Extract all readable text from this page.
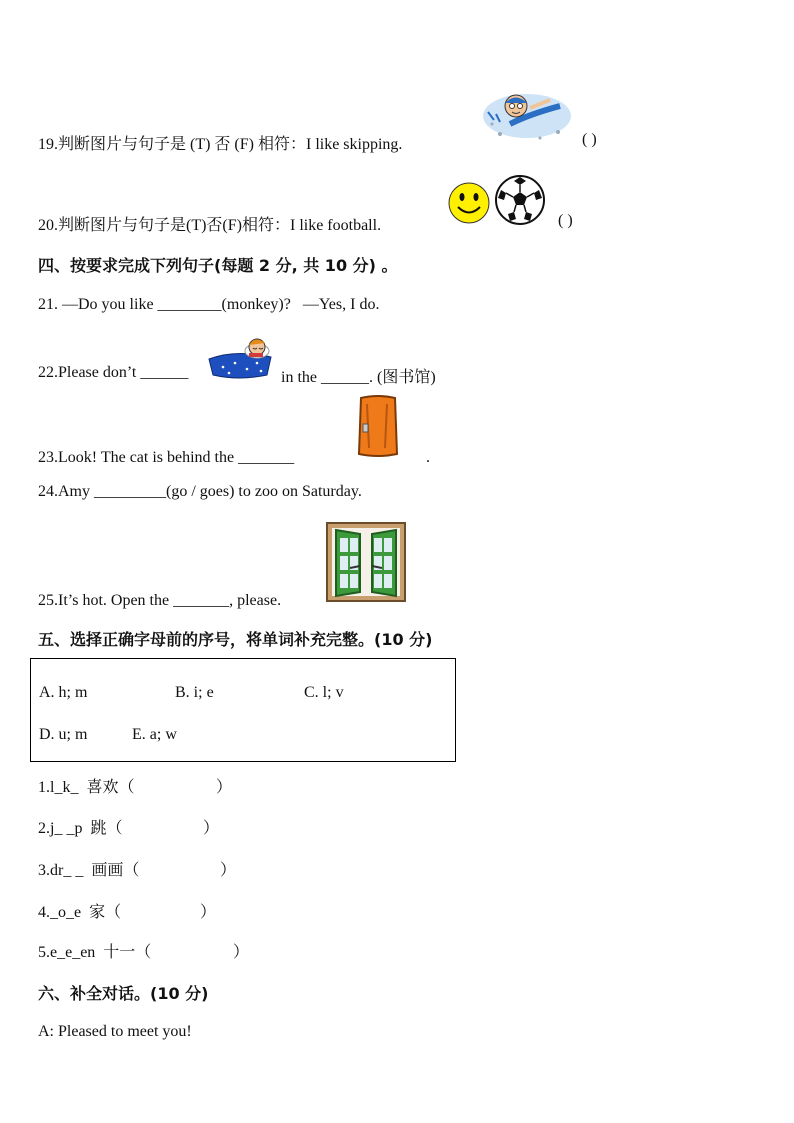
19.判断图片与句子是 (T) 否 (F) 相符：I like skipping.	( )
20.判断图片与句子是(T)否(F)相符：I like football.	( )
四、按要求完成下列句子(每题 2 分, 共 10 分) 。
21. —Do you like ________(monkey)?   —Yes, I do.
22.Please don’t ______	in the ______. (图书馆)
23.Look! The cat is behind the _______	.
24.Amy _________(go / goes) to zoo on Saturday.
25.It’s hot. Open the _______, please.
五、选择正确字母前的序号，将单词补充完整。(10 分)
A. h; m	B. i; e	C. l; v
D. u; m	E. a; w
1.l_k_  喜欢（	）
2.j_ _p  跳（	）
3.dr_ _  画画（	）
4._o_e  家（	）
5.e_e_en  十一（	）
六、补全对话。(10 分)
A: Pleased to meet you!
